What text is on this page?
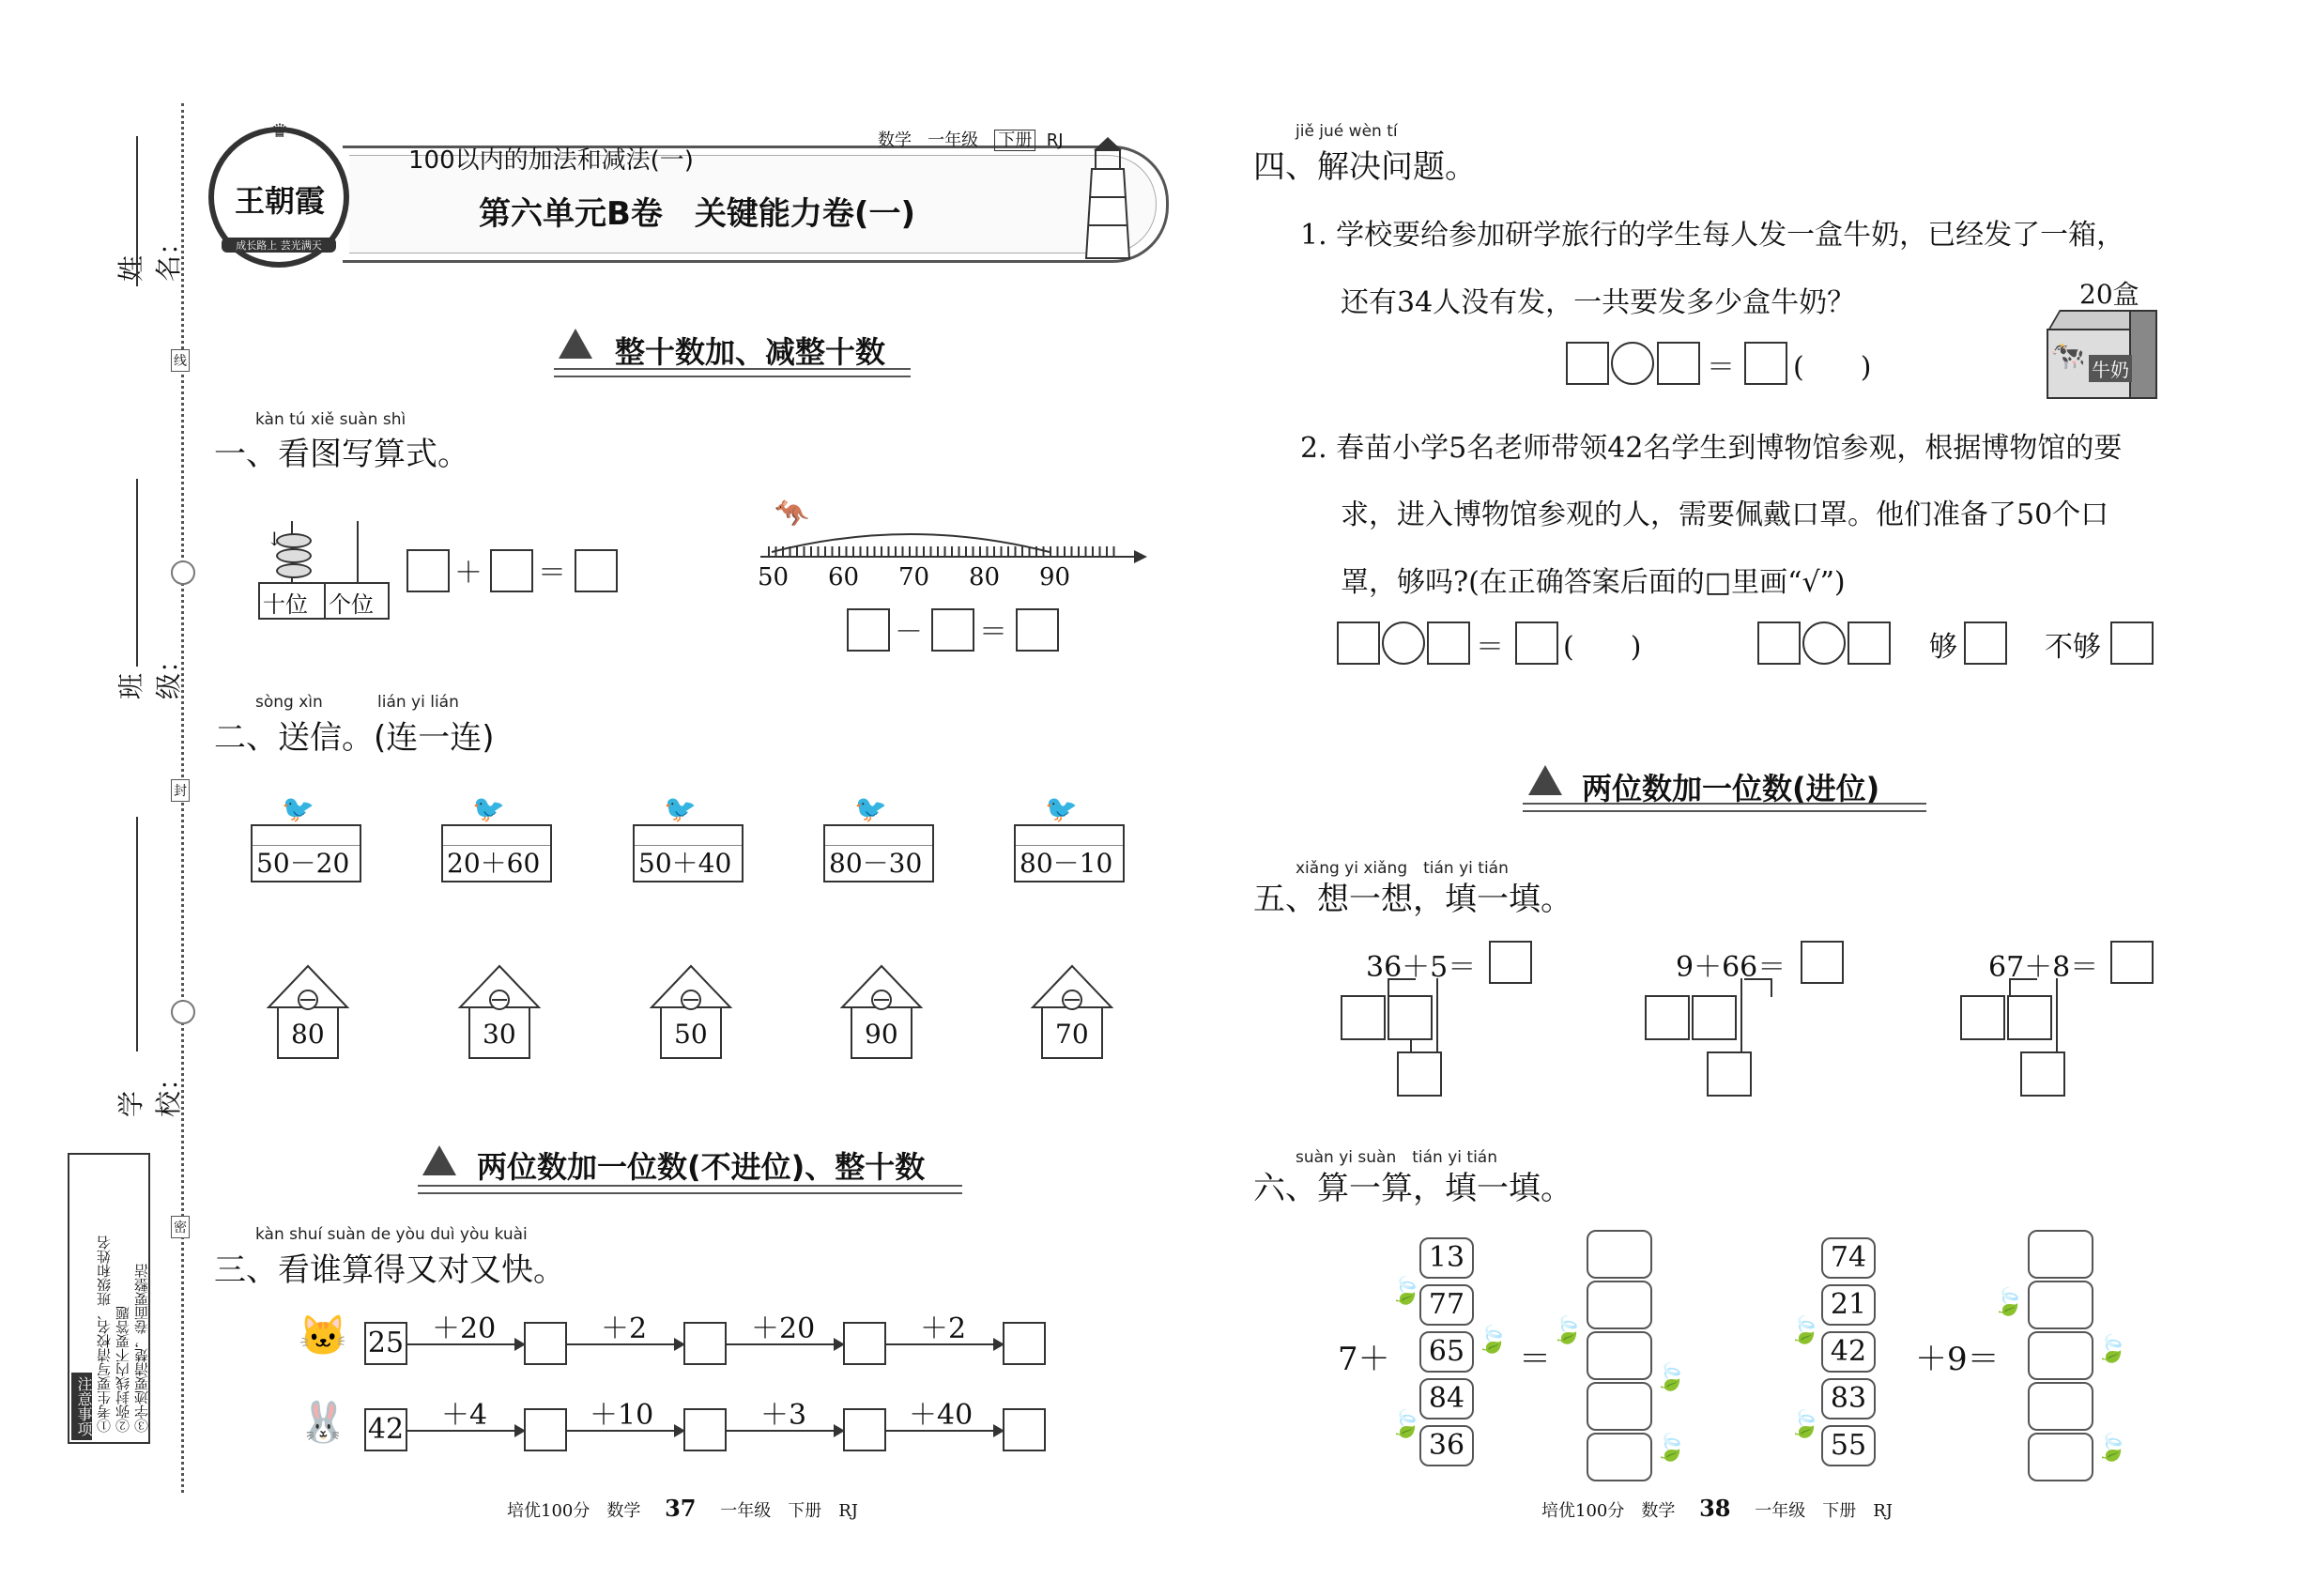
线
封
密
姓 名：
班 级：
学 校：
注意事项 ①考生要写清校名、班级和姓名 ②弥封线内不要答题 ③字迹要清楚，卷面要整洁
王朝霞
成长路上 芸光满天
♛
100以内的加法和减法(一)
数学 一年级 下册 RJ
第六单元B卷　关键能力卷(一)
整十数加、减整十数
kàn tú xiě suàn shì
一、看图写算式。
十位 个位
↓
＋ ＝	50 60 70 80 90
🦘
－ ＝
sòng xìn	lián yi lián
二、送信。(连一连)
50－20
🐦
20＋60
🐦
50＋40
🐦
80－30
🐦
80－10
🐦
80	30	50	90	70
两位数加一位数(不进位)、整十数
kàn shuí suàn de yòu duì yòu kuài
三、看谁算得又对又快。
🐱 25 ＋20	＋2	＋20	＋2
🐰 42 ＋4	＋10	＋3	＋40
培优100分　数学 37 一年级　下册　RJ
jiě jué wèn tí
四、解决问题。
1. 学校要给参加研学旅行的学生每人发一盒牛奶，已经发了一箱，
还有34人没有发，一共要发多少盒牛奶？	20盒
🐄 牛奶
＝ (　　)
2. 春苗小学5名老师带领42名学生到博物馆参观，根据博物馆的要
求，进入博物馆参观的人，需要佩戴口罩。他们准备了50个口
罩，够吗?(在正确答案后面的□里画“√”)
＝ (　　)	够	不够
两位数加一位数(进位)
xiǎng yi xiǎng　tián yi tián
五、想一想，填一填。
36＋5＝	9＋66＝	67＋8＝
suàn yi suàn　tián yi tián
六、算一算，填一填。
7＋
13
77
65
84
36
🍃
🍃
🍃
＝
🍃
🍃
🍃
74
21
42
83
55
🍃
🍃
＋9＝
🍃
🍃
🍃
培优100分　数学 38 一年级　下册　RJ
